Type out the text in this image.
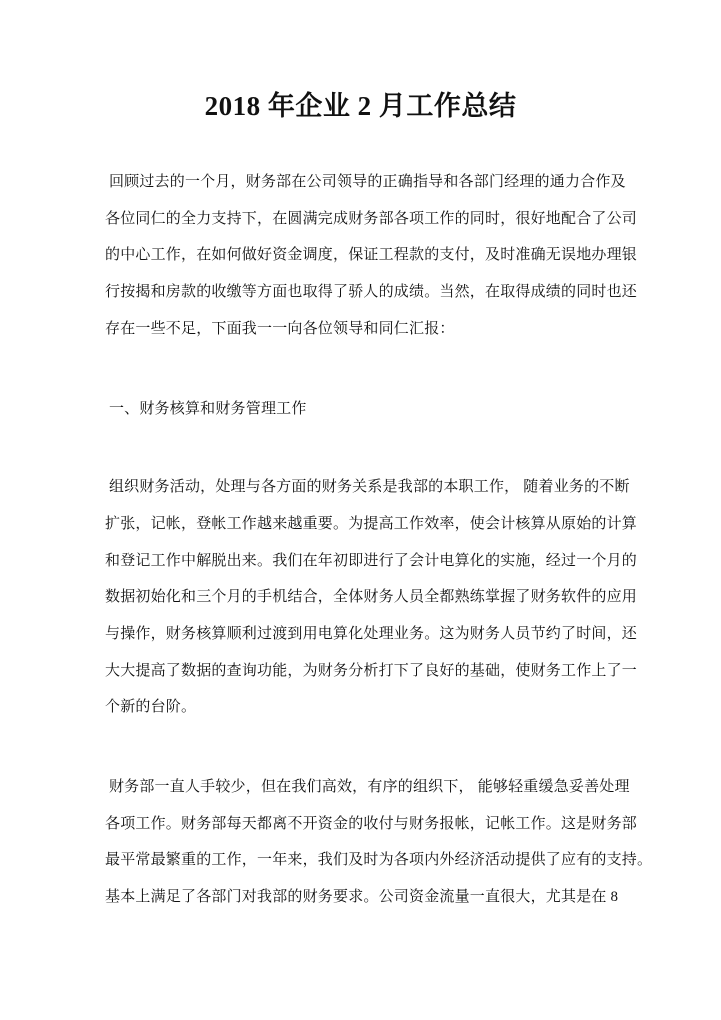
2018 年企业 2 月工作总结
回顾过去的一个月，财务部在公司领导的正确指导和各部门经理的通力合作及
各位同仁的全力支持下，在圆满完成财务部各项工作的同时，很好地配合了公司
的中心工作，在如何做好资金调度，保证工程款的支付，及时准确无误地办理银
行按揭和房款的收缴等方面也取得了骄人的成绩。当然，在取得成绩的同时也还
存在一些不足，下面我一一向各位领导和同仁汇报：
一、财务核算和财务管理工作
组织财务活动，处理与各方面的财务关系是我部的本职工作， 随着业务的不断
扩张，记帐，登帐工作越来越重要。为提高工作效率，使会计核算从原始的计算
和登记工作中解脱出来。我们在年初即进行了会计电算化的实施，经过一个月的
数据初始化和三个月的手机结合，全体财务人员全都熟练掌握了财务软件的应用
与操作，财务核算顺利过渡到用电算化处理业务。这为财务人员节约了时间，还
大大提高了数据的查询功能，为财务分析打下了良好的基础，使财务工作上了一
个新的台阶。
财务部一直人手较少，但在我们高效，有序的组织下， 能够轻重缓急妥善处理
各项工作。财务部每天都离不开资金的收付与财务报帐，记帐工作。这是财务部
最平常最繁重的工作，一年来，我们及时为各项内外经济活动提供了应有的支持。
基本上满足了各部门对我部的财务要求。公司资金流量一直很大，尤其是在 8
